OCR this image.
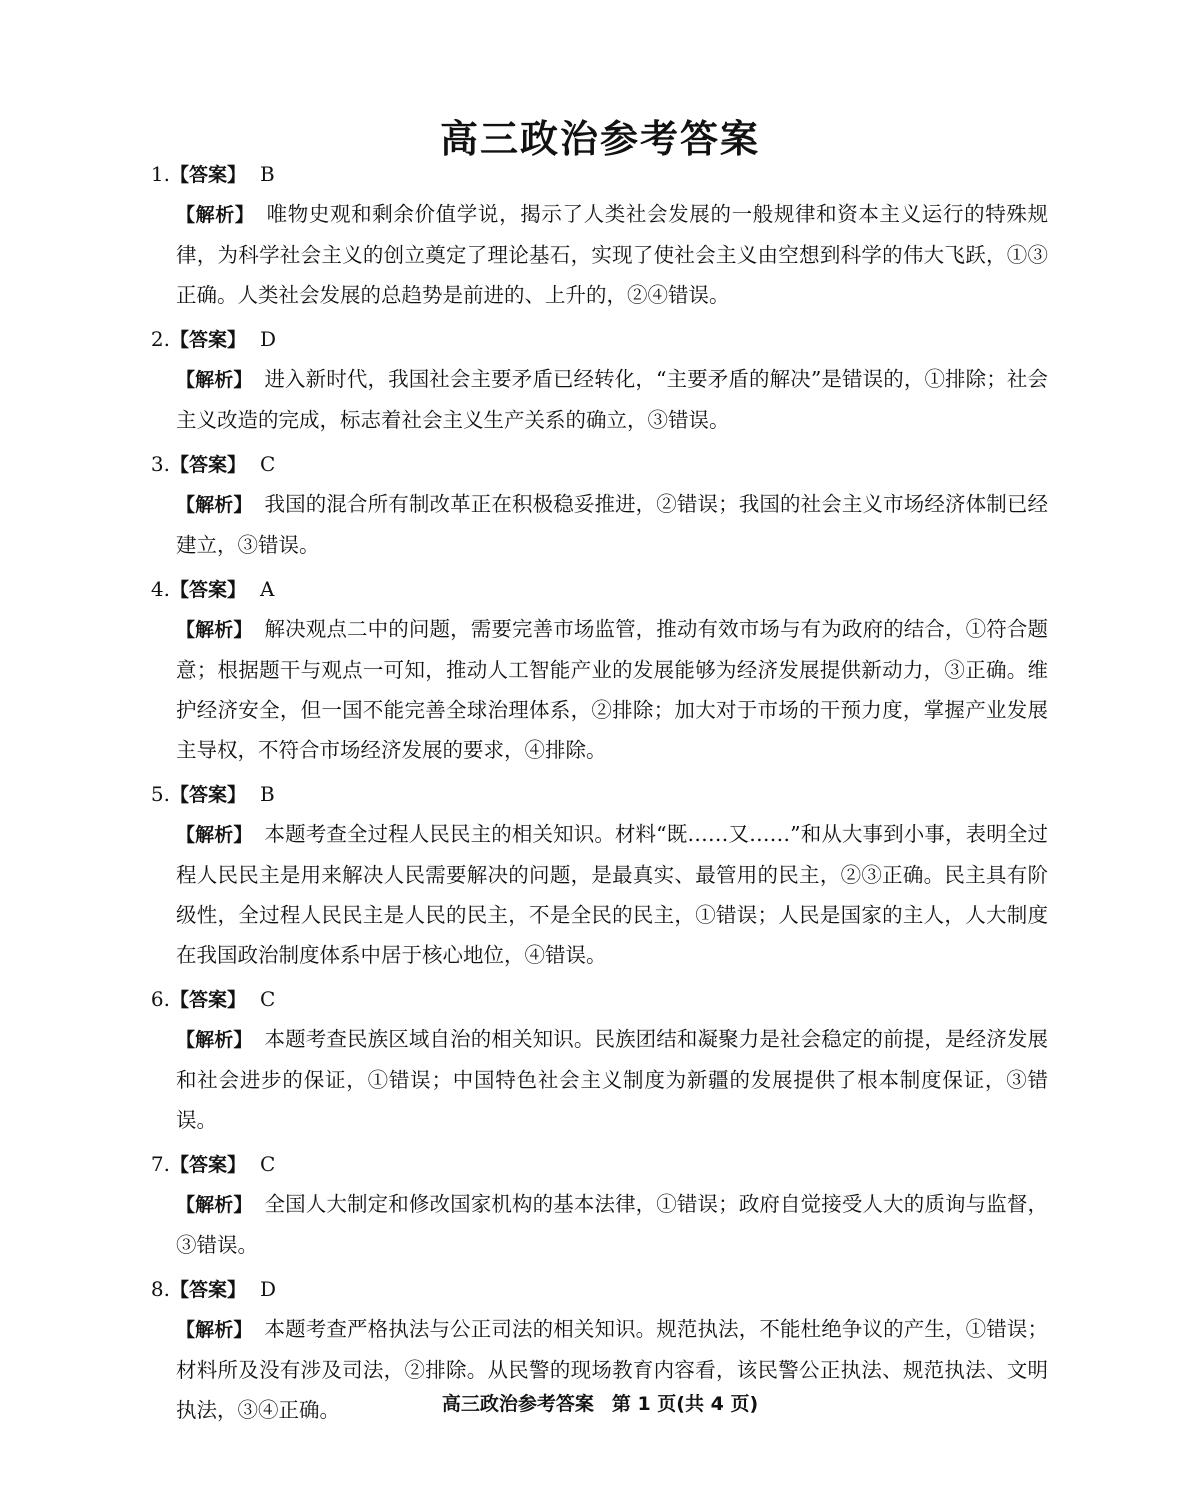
高三政治参考答案
1.【答案】 B
【解析】 唯物史观和剩余价值学说，揭示了人类社会发展的一般规律和资本主义运行的特殊规律，为科学社会主义的创立奠定了理论基石，实现了使社会主义由空想到科学的伟大飞跃，①③正确。人类社会发展的总趋势是前进的、上升的，②④错误。
2.【答案】 D
【解析】 进入新时代，我国社会主要矛盾已经转化，“主要矛盾的解决”是错误的，①排除；社会主义改造的完成，标志着社会主义生产关系的确立，③错误。
3.【答案】 C
【解析】 我国的混合所有制改革正在积极稳妥推进，②错误；我国的社会主义市场经济体制已经建立，③错误。
4.【答案】 A
【解析】 解决观点二中的问题，需要完善市场监管，推动有效市场与有为政府的结合，①符合题意；根据题干与观点一可知，推动人工智能产业的发展能够为经济发展提供新动力，③正确。维护经济安全，但一国不能完善全球治理体系，②排除；加大对于市场的干预力度，掌握产业发展主导权，不符合市场经济发展的要求，④排除。
5.【答案】 B
【解析】 本题考查全过程人民民主的相关知识。材料“既……又……”和从大事到小事，表明全过程人民民主是用来解决人民需要解决的问题，是最真实、最管用的民主，②③正确。民主具有阶级性，全过程人民民主是人民的民主，不是全民的民主，①错误；人民是国家的主人，人大制度在我国政治制度体系中居于核心地位，④错误。
6.【答案】 C
【解析】 本题考查民族区域自治的相关知识。民族团结和凝聚力是社会稳定的前提，是经济发展和社会进步的保证，①错误；中国特色社会主义制度为新疆的发展提供了根本制度保证，③错误。
7.【答案】 C
【解析】 全国人大制定和修改国家机构的基本法律，①错误；政府自觉接受人大的质询与监督，③错误。
8.【答案】 D
【解析】 本题考查严格执法与公正司法的相关知识。规范执法，不能杜绝争议的产生，①错误；材料所及没有涉及司法，②排除。从民警的现场教育内容看，该民警公正执法、规范执法、文明执法，③④正确。	高三政治参考答案 第 1 页(共 4 页)
